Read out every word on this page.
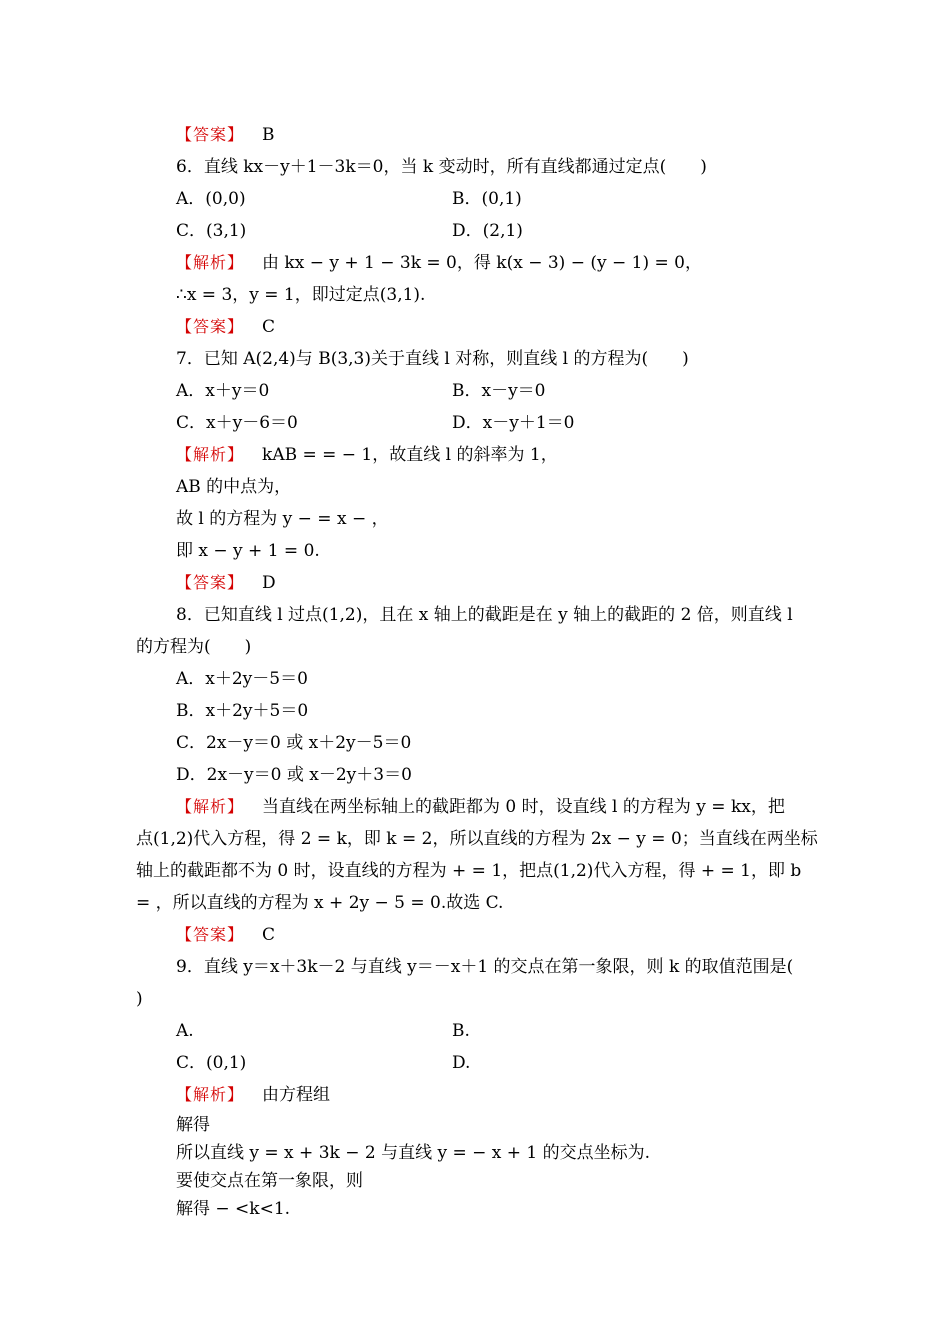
【答案】 B
6．直线 kx－y＋1－3k＝0，当 k 变动时，所有直线都通过定点(　　)
A．(0,0)	B．(0,1)
C．(3,1)	D．(2,1)
【解析】 由 kx − y + 1 − 3k = 0，得 k(x − 3) − (y − 1) = 0，
∴x = 3，y = 1，即过定点(3,1).
【答案】 C
7．已知 A(2,4)与 B(3,3)关于直线 l 对称，则直线 l 的方程为(　　)
A．x＋y＝0	B．x－y＝0
C．x＋y－6＝0	D．x－y＋1＝0
【解析】 kAB = = − 1，故直线 l 的斜率为 1，
AB 的中点为，
故 l 的方程为 y − = x − ，
即 x − y + 1 = 0.
【答案】 D
8．已知直线 l 过点(1,2)，且在 x 轴上的截距是在 y 轴上的截距的 2 倍，则直线 l
的方程为(　　)
A．x＋2y－5＝0
B．x＋2y＋5＝0
C．2x－y＝0 或 x＋2y－5＝0
D．2x－y＝0 或 x－2y＋3＝0
【解析】 当直线在两坐标轴上的截距都为 0 时，设直线 l 的方程为 y = kx，把
点(1,2)代入方程，得 2 = k，即 k = 2，所以直线的方程为 2x − y = 0；当直线在两坐标
轴上的截距都不为 0 时，设直线的方程为 + = 1，把点(1,2)代入方程，得 + = 1，即 b
= ，所以直线的方程为 x + 2y − 5 = 0.故选 C.
【答案】 C
9．直线 y＝x＋3k－2 与直线 y＝－x＋1 的交点在第一象限，则 k 的取值范围是(
)
A.	B.
C．(0,1)	D.
【解析】 由方程组
解得
所以直线 y = x + 3k − 2 与直线 y = − x + 1 的交点坐标为.
要使交点在第一象限，则
解得 − <k<1.
